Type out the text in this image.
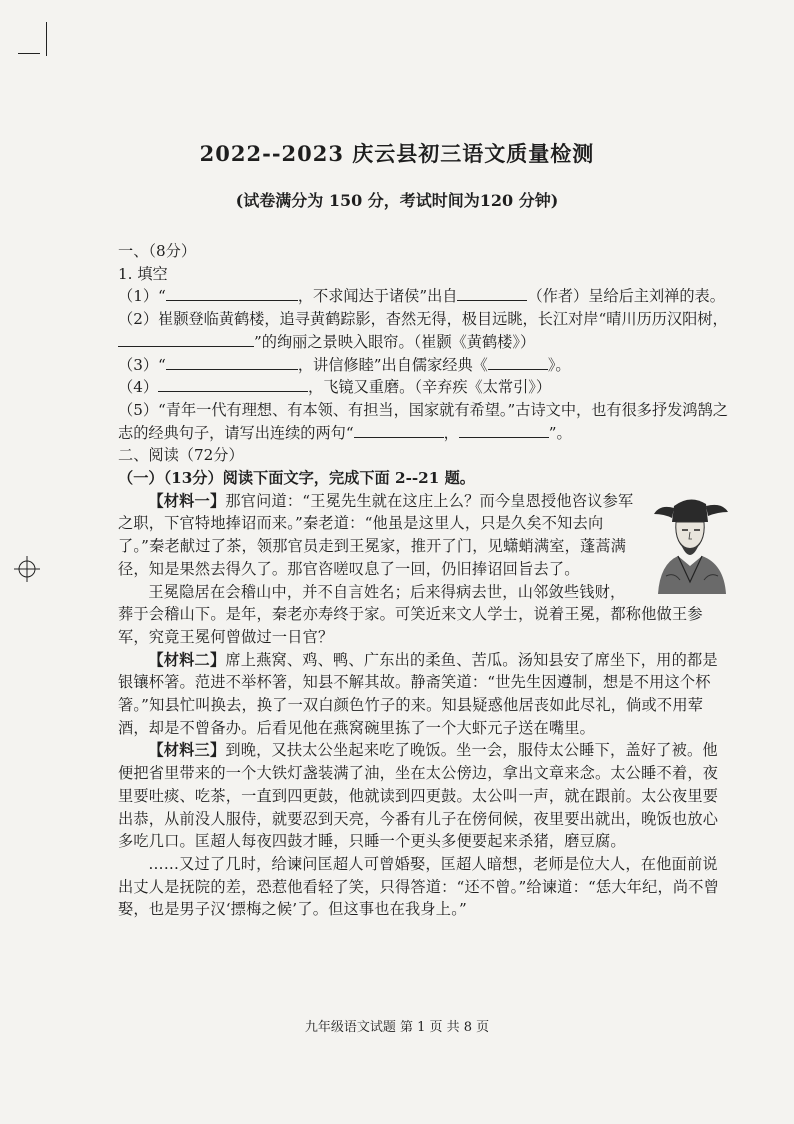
2022--2023 庆云县初三语文质量检测
(试卷满分为 150 分，考试时间为120 分钟)

一、（8分）

1. 填空

（1）“	，不求闻达于诸侯”出自	（作者）呈给后主刘禅的表。

（2）崔颢登临黄鹤楼，追寻黄鹤踪影，杳然无得，极目远眺，长江对岸“晴川历历汉阳树，”的绚丽之景映入眼帘。（崔颢《黄鹤楼》）

（3）“	，讲信修睦”出自儒家经典《	》。

（4）	，飞镜又重磨。（辛弃疾《太常引》）

（5）“青年一代有理想、有本领、有担当，国家就有希望。”古诗文中，也有很多抒发鸿鹄之志的经典句子，请写出连续的两句“	，	”。

二、阅读（72分）

（一）（13分）阅读下面文字，完成下面 2--21 题。

【材料一】那官问道：“王冕先生就在这庄上么？而今皇恩授他咨议参军之职，下官特地捧诏而来。”秦老道：“他虽是这里人，只是久矣不知去向了。”秦老献过了茶，领那官员走到王冕家，推开了门，见蟏蛸满室，蓬蒿满径，知是果然去得久了。那官咨嗟叹息了一回，仍旧捧诏回旨去了。

王冕隐居在会稽山中，并不自言姓名；后来得病去世，山邻敛些钱财，葬于会稽山下。是年，秦老亦寿终于家。可笑近来文人学士，说着王冕，都称他做王参军，究竟王冕何曾做过一日官？

【材料二】席上燕窝、鸡、鸭、广东出的柔鱼、苦瓜。汤知县安了席坐下，用的都是银镶杯箸。范进不举杯箸，知县不解其故。静斋笑道：“世先生因遵制，想是不用这个杯箸。”知县忙叫换去，换了一双白颜色竹子的来。知县疑惑他居丧如此尽礼，倘或不用荤酒，却是不曾备办。后看见他在燕窝碗里拣了一个大虾元子送在嘴里。

【材料三】到晚，又扶太公坐起来吃了晚饭。坐一会，服侍太公睡下，盖好了被。他便把省里带来的一个大铁灯盏装满了油，坐在太公傍边，拿出文章来念。太公睡不着，夜里要吐痰、吃茶，一直到四更鼓，他就读到四更鼓。太公叫一声，就在跟前。太公夜里要出恭，从前没人服侍，就要忍到天亮，今番有儿子在傍伺候，夜里要出就出，晚饭也放心多吃几口。匡超人每夜四鼓才睡，只睡一个更头多便要起来杀猪，磨豆腐。

……又过了几时，给谏问匡超人可曾婚娶，匡超人暗想，老师是位大人，在他面前说出丈人是抚院的差，恐惹他看轻了笑，只得答道：“还不曾。”给谏道：“恁大年纪，尚不曾娶，也是男子汉‘摽梅之候’了。但这事也在我身上。”

九年级语文试题 第 1 页 共 8 页
